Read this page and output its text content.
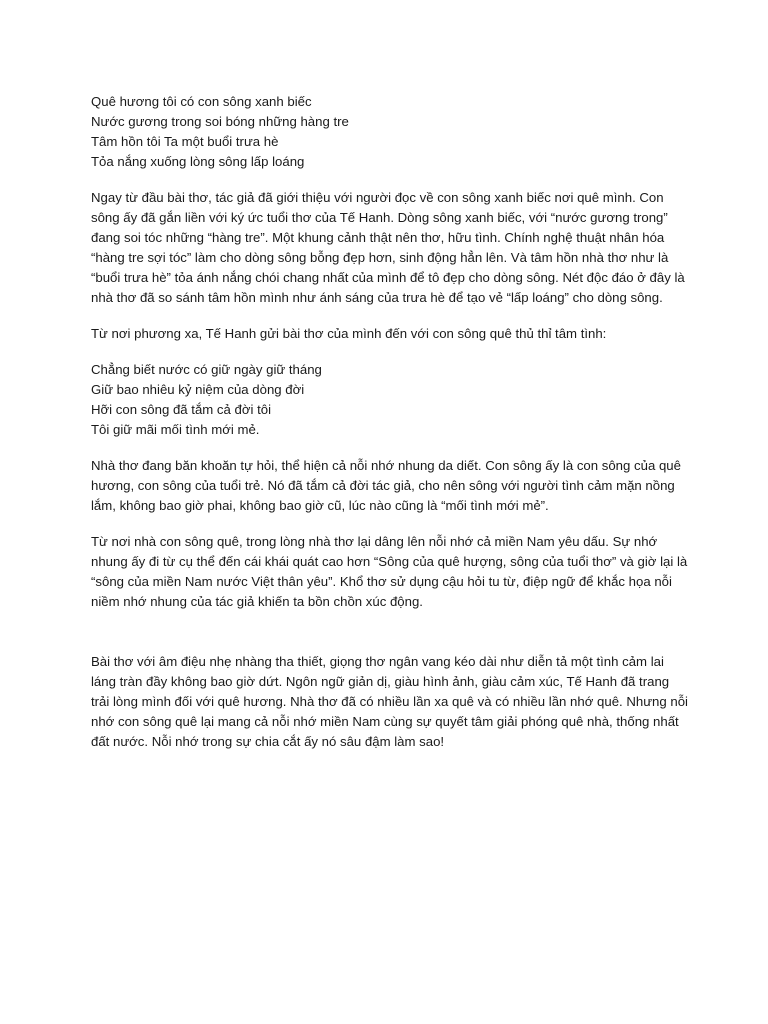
Quê hương tôi có con sông xanh biếc
Nước gương trong soi bóng những hàng tre
Tâm hồn tôi Ta một buổi trưa hè
Tỏa nắng xuống lòng sông lấp loáng

Ngay từ đầu bài thơ, tác giả đã giới thiệu với người đọc về con sông xanh biếc nơi quê mình. Con sông ấy đã gắn liền với ký ức tuổi thơ của Tế Hanh. Dòng sông xanh biếc, với “nước gương trong” đang soi tóc những “hàng tre”. Một khung cảnh thật nên thơ, hữu tình. Chính nghệ thuật nhân hóa “hàng tre sợi tóc” làm cho dòng sông bỗng đẹp hơn, sinh động hẳn lên. Và tâm hồn nhà thơ như là “buổi trưa hè” tỏa ánh nắng chói chang nhất của mình để tô đẹp cho dòng sông. Nét độc đáo ở đây là nhà thơ đã so sánh tâm hồn mình như ánh sáng của trưa hè để tạo vẻ “lấp loáng” cho dòng sông.

Từ nơi phương xa, Tế Hanh gửi bài thơ của mình đến với con sông quê thủ thỉ tâm tình:

Chẳng biết nước có giữ ngày giữ tháng
Giữ bao nhiêu kỷ niệm của dòng đời
Hỡi con sông đã tắm cả đời tôi
Tôi giữ mãi mối tình mới mẻ.

Nhà thơ đang băn khoăn tự hỏi, thể hiện cả nỗi nhớ nhung da diết. Con sông ấy là con sông của quê hương, con sông của tuổi trẻ. Nó đã tắm cả đời tác giả, cho nên sông với người tình cảm mặn nồng lắm, không bao giờ phai, không bao giờ cũ, lúc nào cũng là “mối tình mới mẻ”.

Từ nơi nhà con sông quê, trong lòng nhà thơ lại dâng lên nỗi nhớ cả miền Nam yêu dấu. Sự nhớ nhung ấy đi từ cụ thể đến cái khái quát cao hơn “Sông của quê hượng, sông của tuổi thơ” và giờ lại là “sông của miền Nam nước Việt thân yêu”. Khổ thơ sử dụng cậu hỏi tu từ, điệp ngữ để khắc họa nỗi niềm nhớ nhung của tác giả khiến ta bồn chồn xúc động.

Bài thơ với âm điệu nhẹ nhàng tha thiết, giọng thơ ngân vang kéo dài như diễn tả một tình cảm lai láng tràn đầy không bao giờ dứt. Ngôn ngữ giản dị, giàu hình ảnh, giàu cảm xúc, Tế Hanh đã trang trải lòng mình đối với quê hương. Nhà thơ đã có nhiều lần xa quê và có nhiều lần nhớ quê. Nhưng nỗi nhớ con sông quê lại mang cả nỗi nhớ miền Nam cùng sự quyết tâm giải phóng quê nhà, thống nhất đất nước. Nỗi nhớ trong sự chia cắt ấy nó sâu đậm làm sao!
